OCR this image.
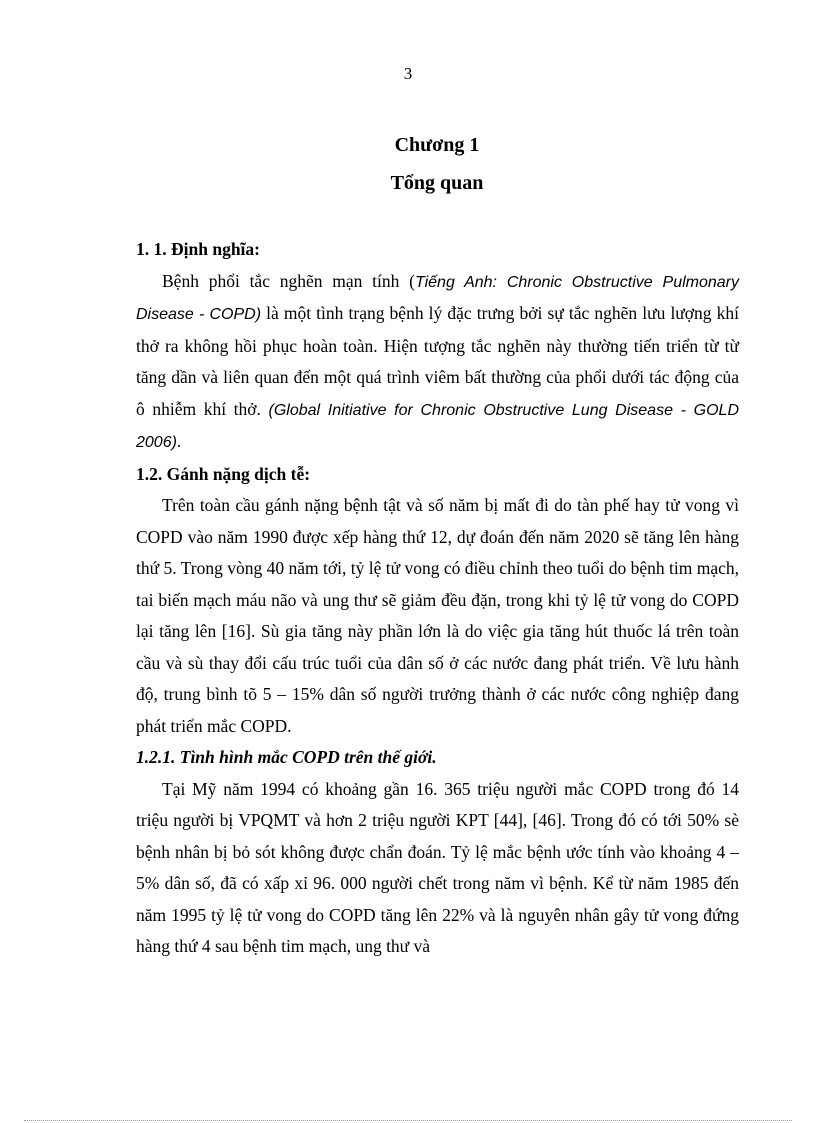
3
Chương 1
Tổng quan

1. 1. Định nghĩa:

Bệnh phổi tắc nghẽn mạn tính (Tiếng Anh: Chronic Obstructive Pulmonary Disease - COPD) là một tình trạng bệnh lý đặc trưng bởi sự tắc nghẽn lưu lượng khí thở ra không hồi phục hoàn toàn. Hiện tượng tắc nghẽn này thường tiến triển từ từ tăng dần và liên quan đến một quá trình viêm bất thường của phổi dưới tác động của ô nhiễm khí thở. (Global Initiative for Chronic Obstructive Lung Disease - GOLD 2006).

1.2. Gánh nặng dịch tễ:

Trên toàn cầu gánh nặng bệnh tật và số năm bị mất đi do tàn phế hay tử vong vì COPD vào năm 1990 được xếp hàng thứ 12, dự đoán đến năm 2020 sẽ tăng lên hàng thứ 5. Trong vòng 40 năm tới, tỷ lệ tử vong có điều chỉnh theo tuổi do bệnh tim mạch, tai biến mạch máu não và ung thư sẽ giảm đều đặn, trong khi tỷ lệ tử vong do COPD lại tăng lên [16]. Sù gia tăng này phần lớn là do việc gia tăng hút thuốc lá trên toàn cầu và sù thay đổi cấu trúc tuổi của dân số ở các nước đang phát triển. Về lưu hành độ, trung bình tõ 5 – 15% dân số người trưởng thành ở các nước công nghiệp đang phát triển mắc COPD.

1.2.1. Tình hình mắc COPD trên thế giới.

Tại Mỹ năm 1994 có khoảng gần 16. 365 triệu người mắc COPD trong đó 14 triệu người bị VPQMT và hơn 2 triệu người KPT [44], [46]. Trong đó có tới 50% sè bệnh nhân bị bỏ sót không được chẩn đoán. Tỷ lệ mắc bệnh ước tính vào khoảng 4 – 5% dân số, đã có xấp xỉ 96. 000 người chết trong năm vì bệnh. Kể từ năm 1985 đến năm 1995 tỷ lệ tử vong do COPD tăng lên 22% và là nguyên nhân gây tử vong đứng hàng thứ 4 sau bệnh tim mạch, ung thư và
